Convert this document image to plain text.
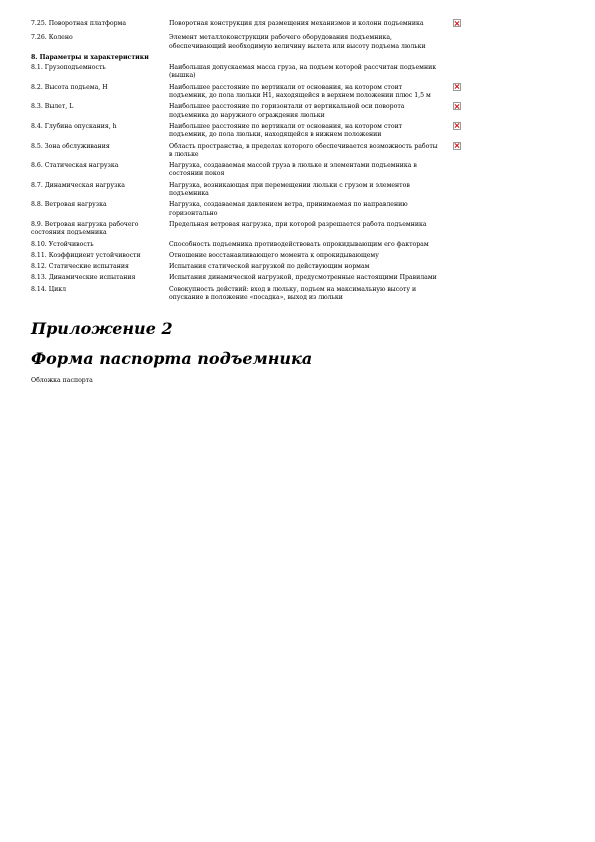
7.25. Поворотная платформа	Поворотная конструкция для размещения механизмов и колонн подъемника	
7.26. Колено	Элемент металлоконструкции рабочего оборудования подъемника, обеспечивающий необходимую величину вылета или высоту подъема люльки	
8. Параметры и характеристики		
8.1. Грузоподъемность	Наибольшая допускаемая масса груза, на подъем которой рассчитан подъемник (вышка)	
8.2. Высота подъема, H	Наибольшее расстояние по вертикали от основания, на котором стоит подъемник, до пола люльки H1, находящейся в верхнем положении плюс 1,5 м	
8.3. Вылет, L	Наибольшее расстояние по горизонтали от вертикальной оси поворота подъемника до наружного ограждения люльки	
8.4. Глубина опускания, h	Наибольшее расстояние по вертикали от основания, на котором стоит подъемник, до пола люльки, находящейся в нижнем положении	
8.5. Зона обслуживания	Область пространства, в пределах которого обеспечивается возможность работы в люльке	
8.6. Статическая нагрузка	Нагрузка, создаваемая массой груза в люльке и элементами подъемника в состоянии покоя	
8.7. Динамическая нагрузка	Нагрузка, возникающая при перемещении люльки с грузом и элементов подъемника	
8.8. Ветровая нагрузка	Нагрузка, создаваемая давлением ветра, принимаемая по направлению горизонтально	
8.9. Ветровая нагрузка рабочего состояния подъемника	Предельная ветровая нагрузка, при которой разрешается работа подъемника	
8.10. Устойчивость	Способность подъемника противодействовать опрокидывающим его факторам	
8.11. Коэффициент устойчивости	Отношение восстанавливающего момента к опрокидывающему	
8.12. Статические испытания	Испытания статической нагрузкой по действующим нормам	
8.13. Динамические испытания	Испытания динамической нагрузкой, предусмотренные настоящими Правилами	
8.14. Цикл	Совокупность действий: вход в люльку, подъем на максимальную высоту и опускание в положение «посадка», выход из люльки	
Приложение 2
Форма паспорта подъемника
Обложка паспорта
